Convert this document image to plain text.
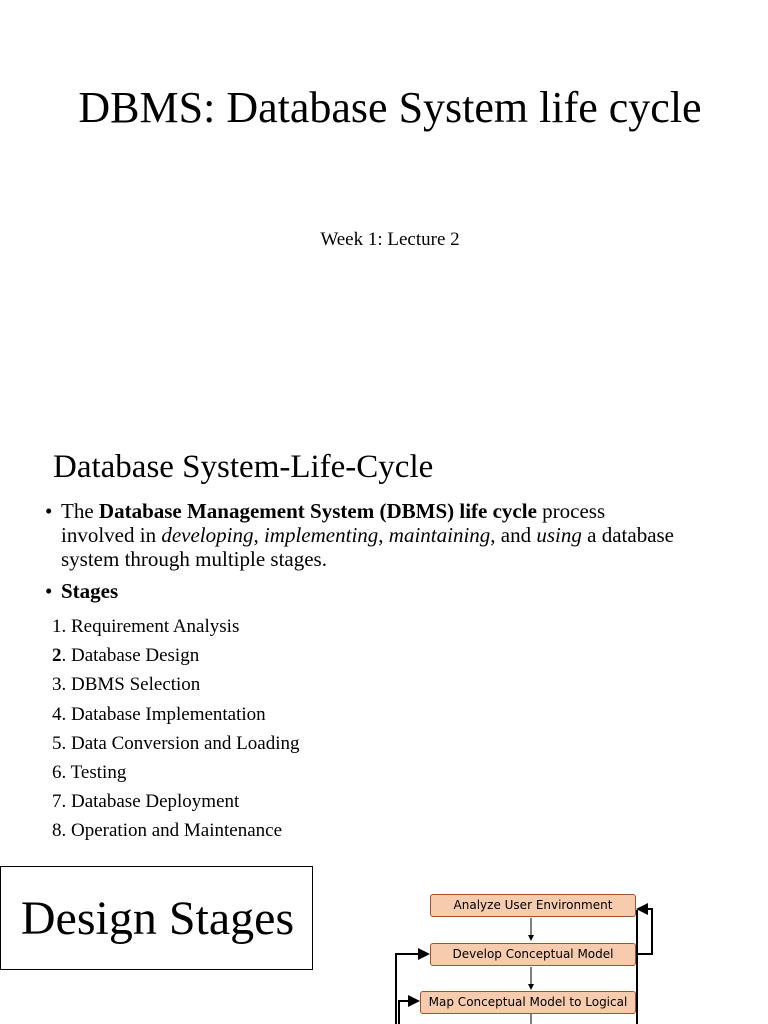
DBMS: Database System life cycle
Week 1: Lecture 2
Database System-Life-Cycle
• The Database Management System (DBMS) life cycle process involved in developing, implementing, maintaining, and using a database system through multiple stages.
• Stages
1. Requirement Analysis
2. Database Design
3. DBMS Selection
4. Database Implementation
5. Data Conversion and Loading
6. Testing
7. Database Deployment
8. Operation and Maintenance
Design Stages	Analyze User Environment
Develop Conceptual Model
Map Conceptual Model to Logical
